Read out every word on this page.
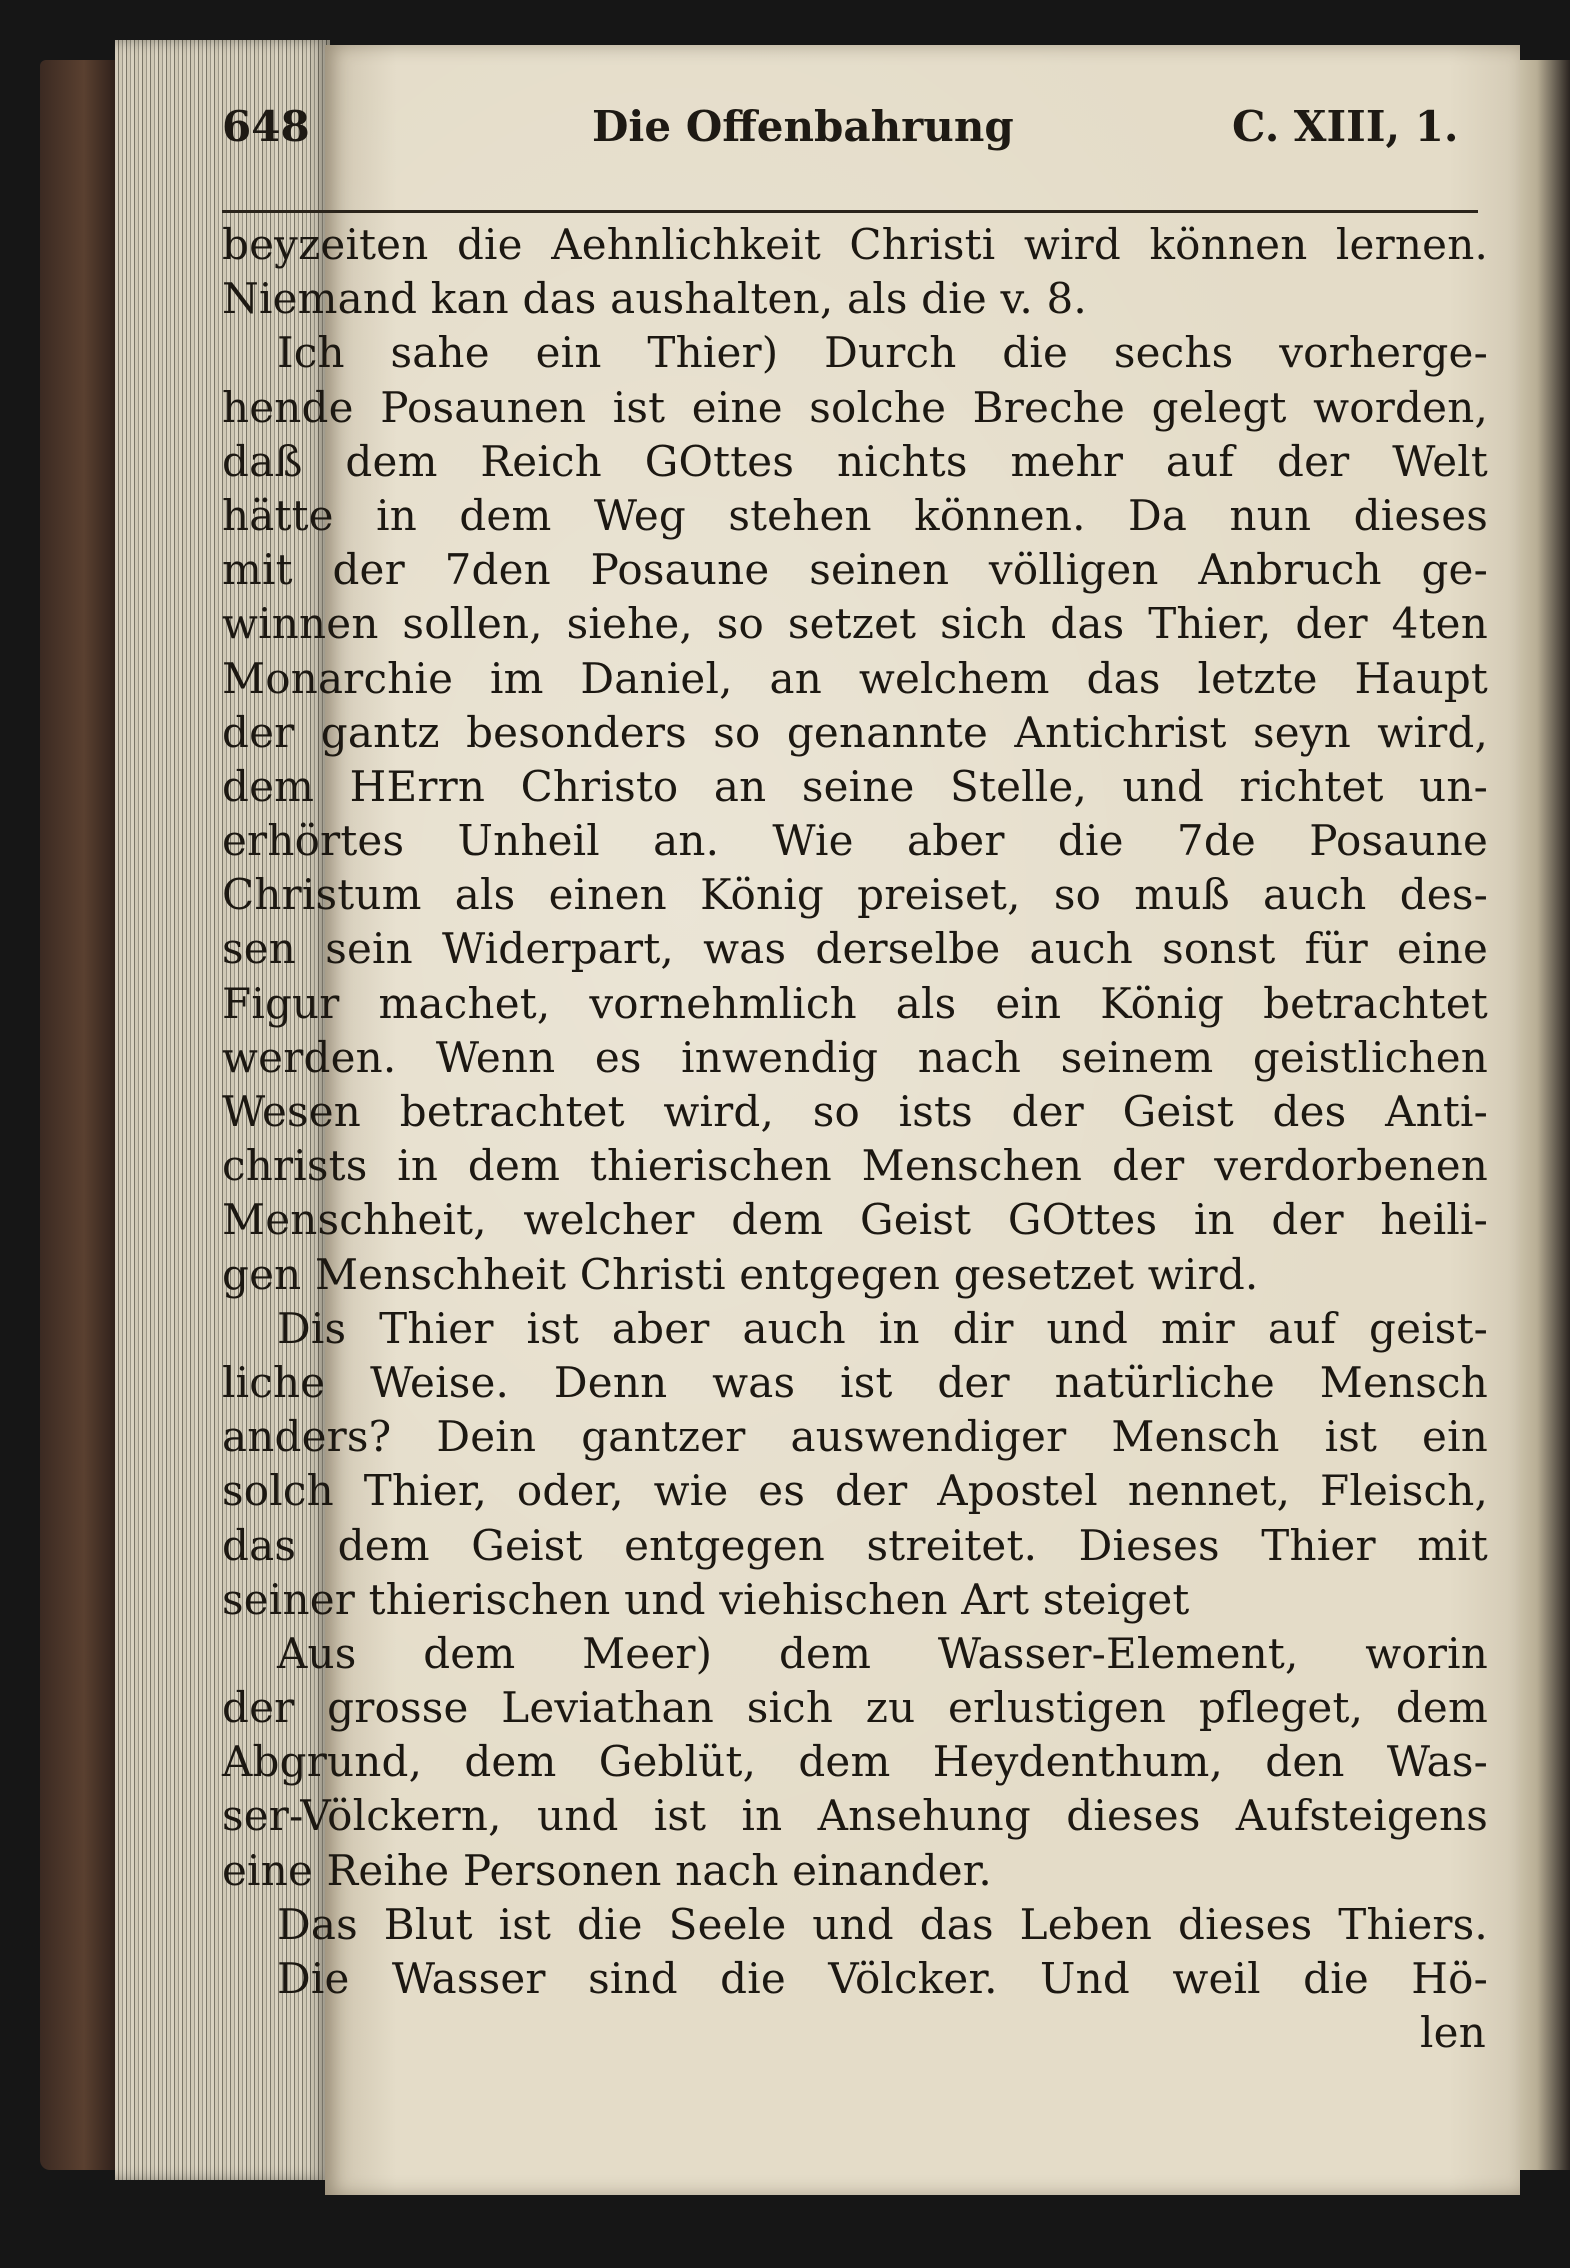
648	Die Offenbahrung	C. XIII, 1.
beyzeiten die Aehnlichkeit Christi wird können lernen.
Niemand kan das aushalten, als die v. 8.
Ich sahe ein Thier) Durch die sechs vorherge-
hende Posaunen ist eine solche Breche gelegt worden,
daß dem Reich GOttes nichts mehr auf der Welt
hätte in dem Weg stehen können. Da nun dieses
mit der 7den Posaune seinen völligen Anbruch ge-
winnen sollen, siehe, so setzet sich das Thier, der 4ten
Monarchie im Daniel, an welchem das letzte Haupt
der gantz besonders so genannte Antichrist seyn wird,
dem HErrn Christo an seine Stelle, und richtet un-
erhörtes Unheil an. Wie aber die 7de Posaune
Christum als einen König preiset, so muß auch des-
sen sein Widerpart, was derselbe auch sonst für eine
Figur machet, vornehmlich als ein König betrachtet
werden. Wenn es inwendig nach seinem geistlichen
Wesen betrachtet wird, so ists der Geist des Anti-
christs in dem thierischen Menschen der verdorbenen
Menschheit, welcher dem Geist GOttes in der heili-
gen Menschheit Christi entgegen gesetzet wird.
Dis Thier ist aber auch in dir und mir auf geist-
liche Weise. Denn was ist der natürliche Mensch
anders? Dein gantzer auswendiger Mensch ist ein
solch Thier, oder, wie es der Apostel nennet, Fleisch,
das dem Geist entgegen streitet. Dieses Thier mit
seiner thierischen und viehischen Art steiget
Aus dem Meer) dem Wasser-Element, worin
der grosse Leviathan sich zu erlustigen pfleget, dem
Abgrund, dem Geblüt, dem Heydenthum, den Was-
ser-Völckern, und ist in Ansehung dieses Aufsteigens
eine Reihe Personen nach einander.
Das Blut ist die Seele und das Leben dieses Thiers.
Die Wasser sind die Völcker. Und weil die Hö-
len
